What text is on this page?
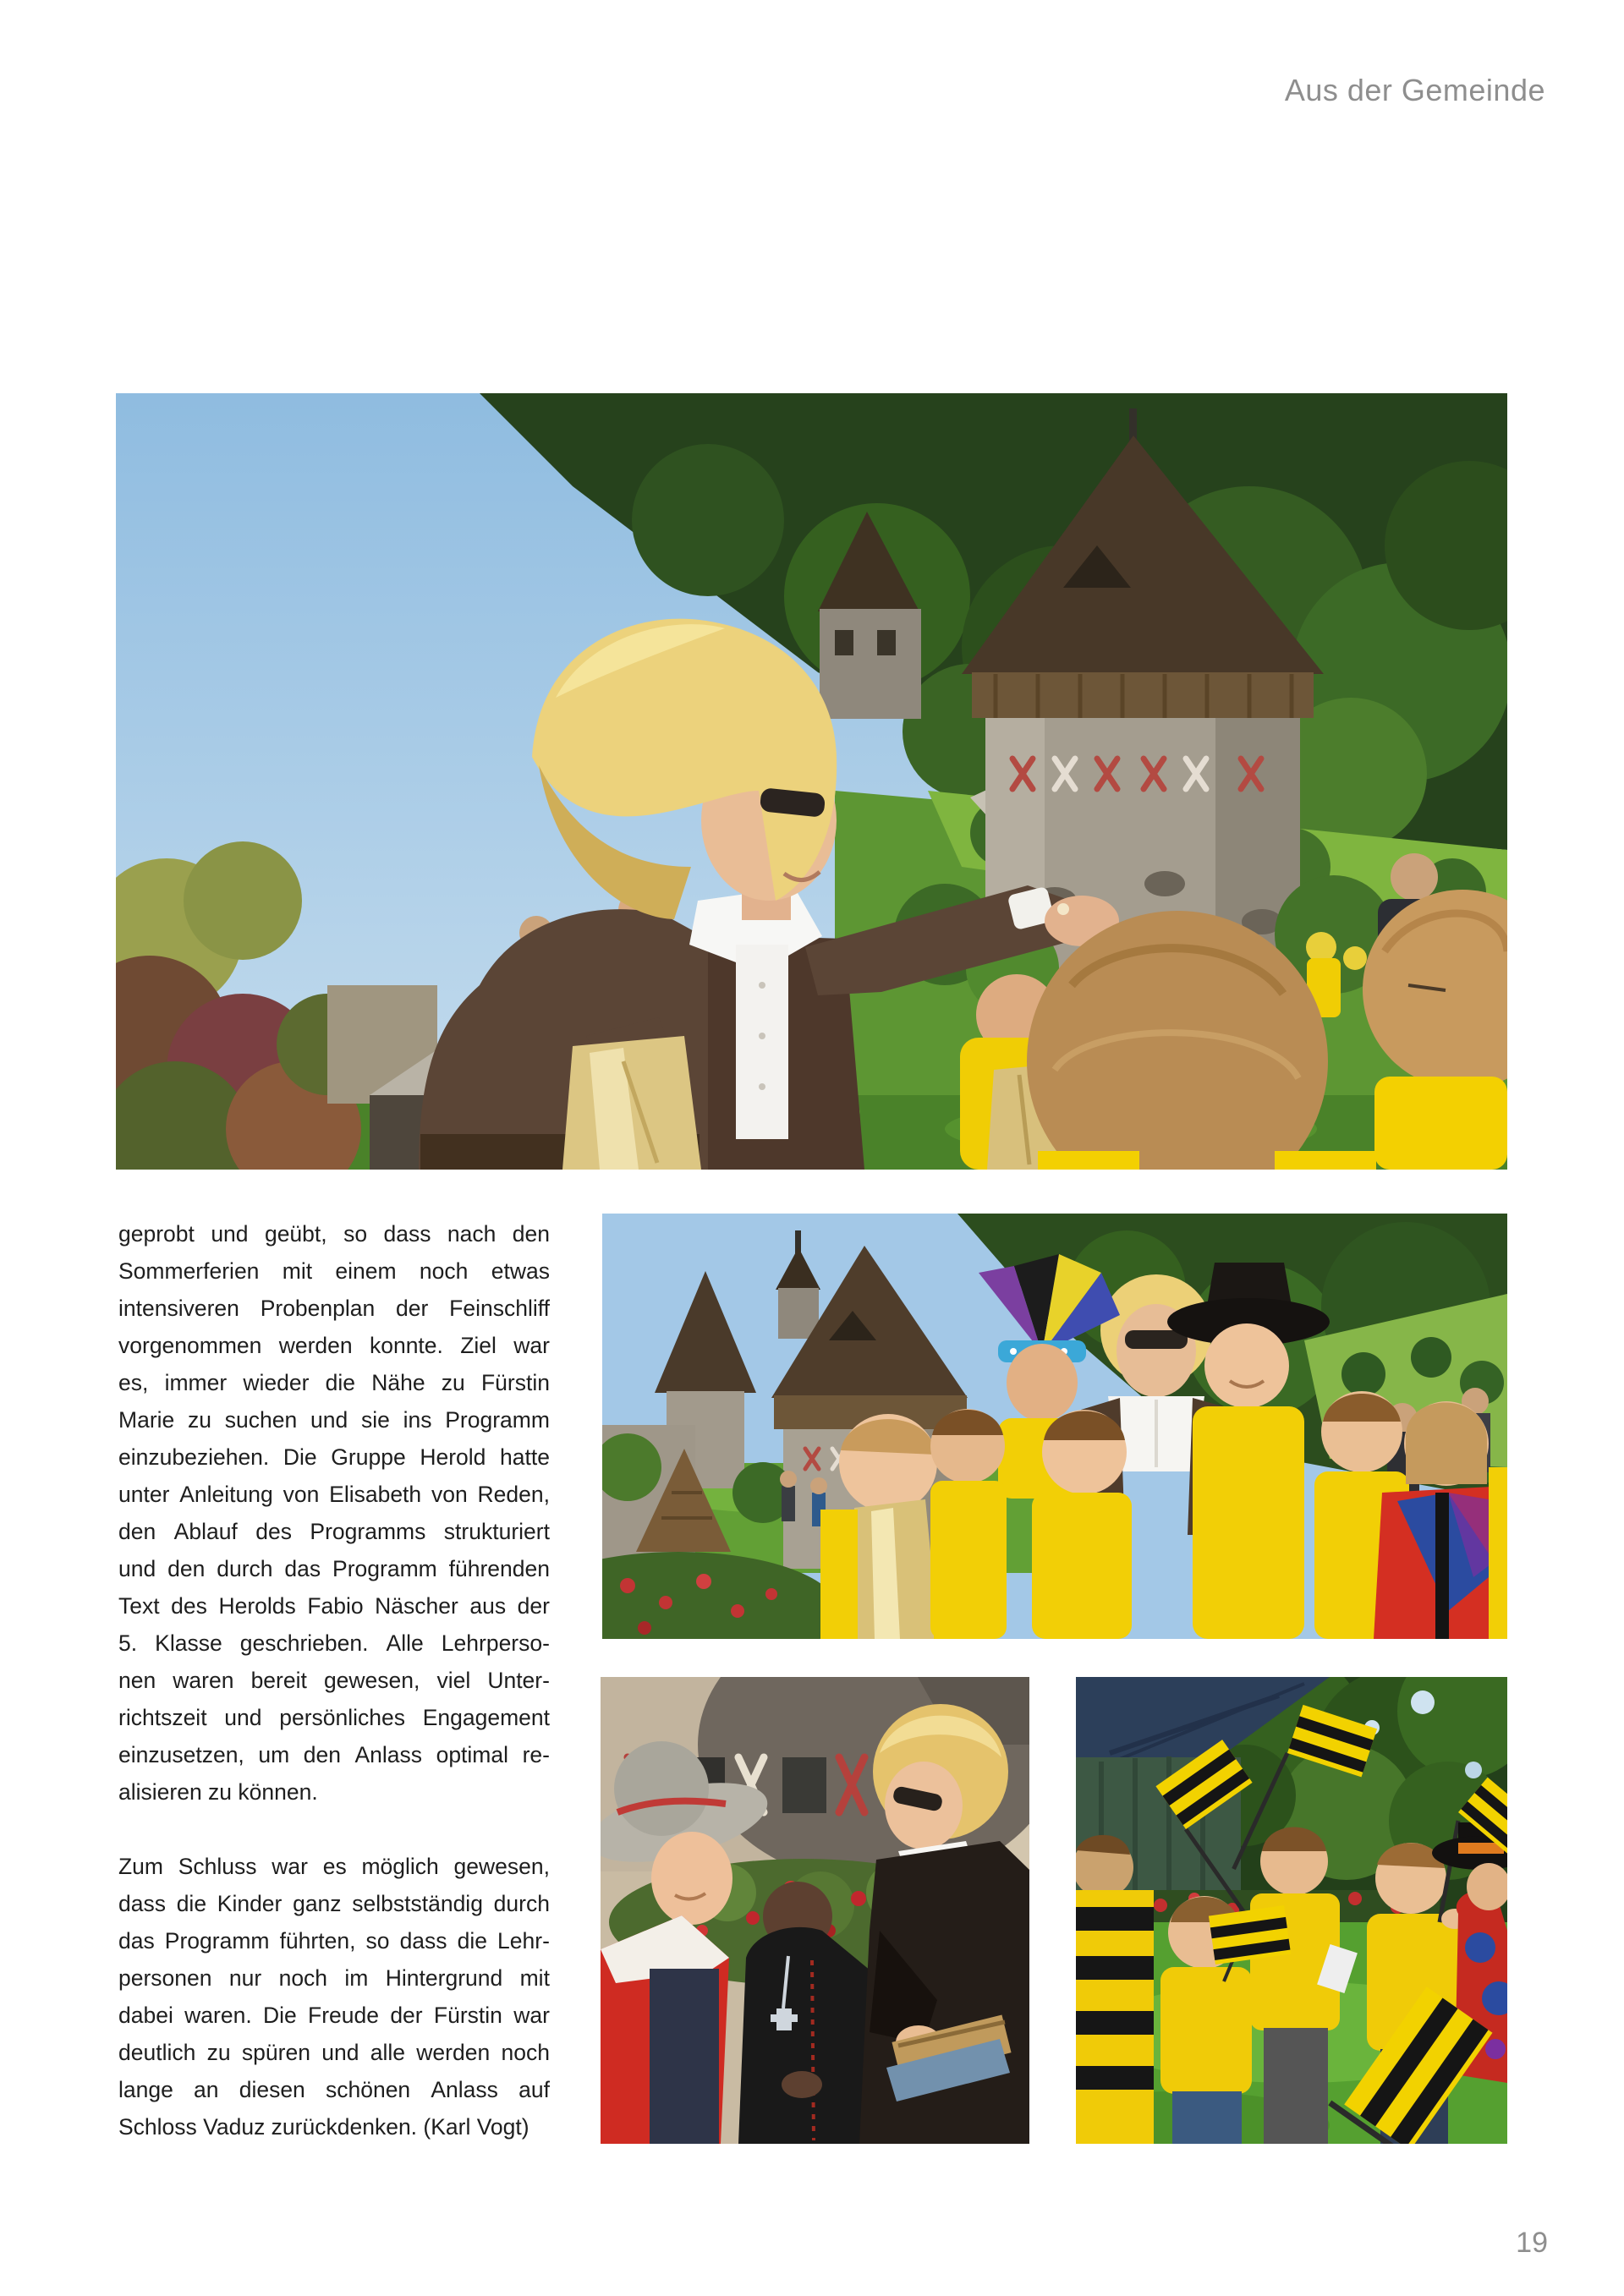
Aus der Gemeinde
geprobt und geübt, so dass nach den
Sommerferien mit einem noch etwas
intensiveren Probenplan der Feinschliff
vorgenommen werden konnte. Ziel war
es, immer wieder die Nähe zu Fürstin
Marie zu suchen und sie ins Programm
einzubeziehen. Die Gruppe Herold hatte
unter Anleitung von Elisabeth von Reden,
den Ablauf des Programms strukturiert
und den durch das Programm führenden
Text des Herolds Fabio Näscher aus der
5. Klasse geschrieben. Alle Lehrperso-
nen waren bereit gewesen, viel Unter-
richtszeit und persönliches Engagement
einzusetzen, um den Anlass optimal re-
alisieren zu können.
Zum Schluss war es möglich gewesen,
dass die Kinder ganz selbstständig durch
das Programm führten, so dass die Lehr-
personen nur noch im Hintergrund mit
dabei waren. Die Freude der Fürstin war
deutlich zu spüren und alle werden noch
lange an diesen schönen Anlass auf
Schloss Vaduz zurückdenken. (Karl Vogt)
19
